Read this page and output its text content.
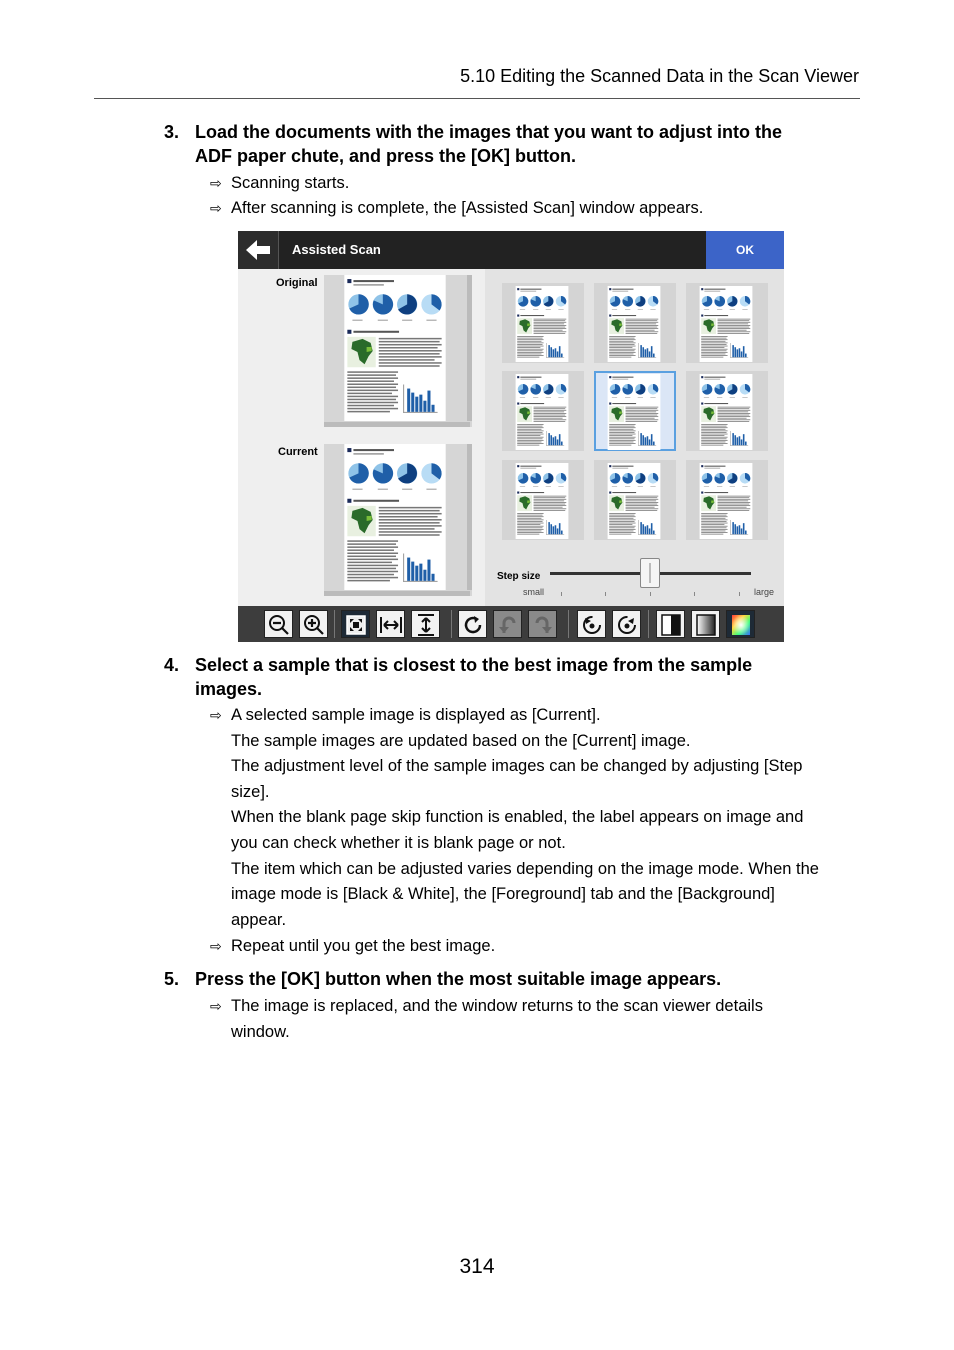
5.10 Editing the Scanned Data in the Scan Viewer
3. Load the documents with the images that you want to adjust into the
ADF paper chute, and press the [OK] button.
⇨ Scanning starts.
⇨ After scanning is complete, the [Assisted Scan] window appears.
Assisted Scan	OK
Original
Current
Step size
small	large
4. Select a sample that is closest to the best image from the sample
images.
⇨ A selected sample image is displayed as [Current].
The sample images are updated based on the [Current] image.
The adjustment level of the sample images can be changed by adjusting [Step
size].
When the blank page skip function is enabled, the label appears on image and
you can check whether it is blank page or not.
The item which can be adjusted varies depending on the image mode. When the
image mode is [Black & White], the [Foreground] tab and the [Background]
appear.
⇨ Repeat until you get the best image.
5. Press the [OK] button when the most suitable image appears.
⇨ The image is replaced, and the window returns to the scan viewer details
window.
314
